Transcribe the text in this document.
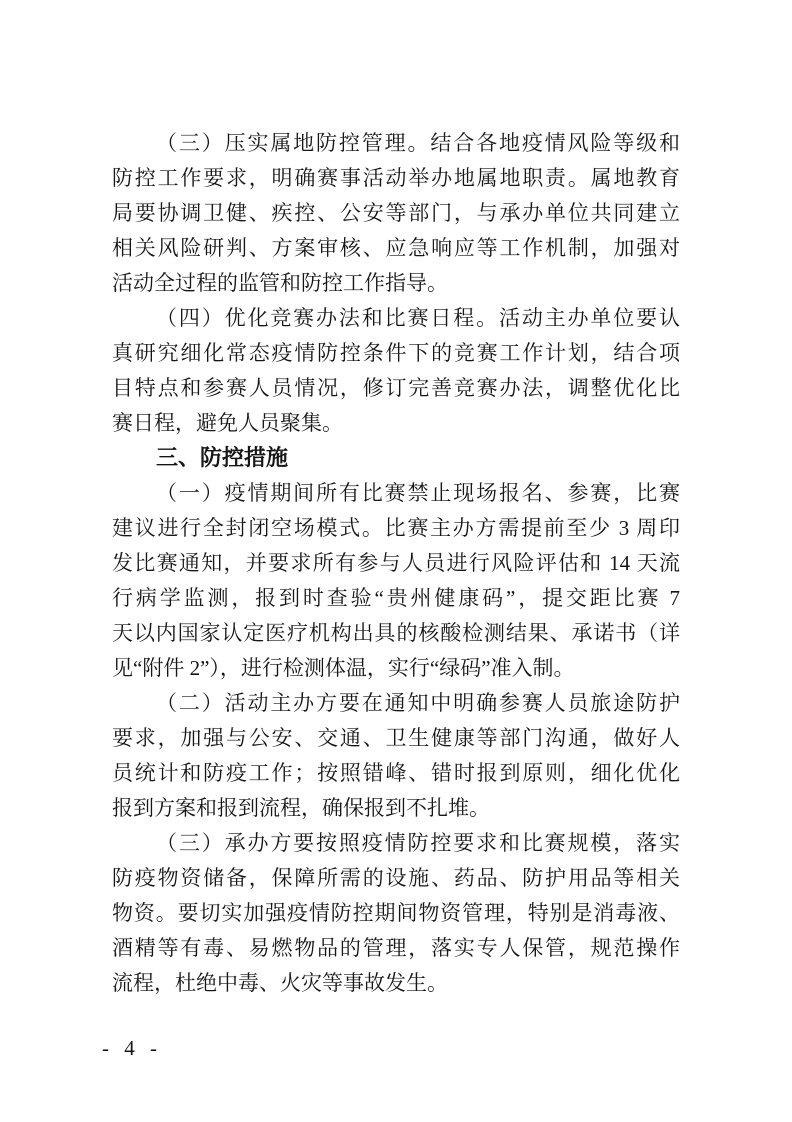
（三）压实属地防控管理。结合各地疫情风险等级和
防控工作要求，明确赛事活动举办地属地职责。属地教育
局要协调卫健、疾控、公安等部门，与承办单位共同建立
相关风险研判、方案审核、应急响应等工作机制，加强对
活动全过程的监管和防控工作指导。
（四）优化竞赛办法和比赛日程。活动主办单位要认
真研究细化常态疫情防控条件下的竞赛工作计划，结合项
目特点和参赛人员情况，修订完善竞赛办法，调整优化比
赛日程，避免人员聚集。
三、防控措施
（一）疫情期间所有比赛禁止现场报名、参赛，比赛
建议进行全封闭空场模式。比赛主办方需提前至少 3 周印
发比赛通知，并要求所有参与人员进行风险评估和 14 天流
行病学监测，报到时查验“贵州健康码”，提交距比赛 7
天以内国家认定医疗机构出具的核酸检测结果、承诺书（详
见“附件 2”），进行检测体温，实行“绿码”准入制。
（二）活动主办方要在通知中明确参赛人员旅途防护
要求，加强与公安、交通、卫生健康等部门沟通，做好人
员统计和防疫工作；按照错峰、错时报到原则，细化优化
报到方案和报到流程，确保报到不扎堆。
（三）承办方要按照疫情防控要求和比赛规模，落实
防疫物资储备，保障所需的设施、药品、防护用品等相关
物资。要切实加强疫情防控期间物资管理，特别是消毒液、
酒精等有毒、易燃物品的管理，落实专人保管，规范操作
流程，杜绝中毒、火灾等事故发生。
- 4 -
